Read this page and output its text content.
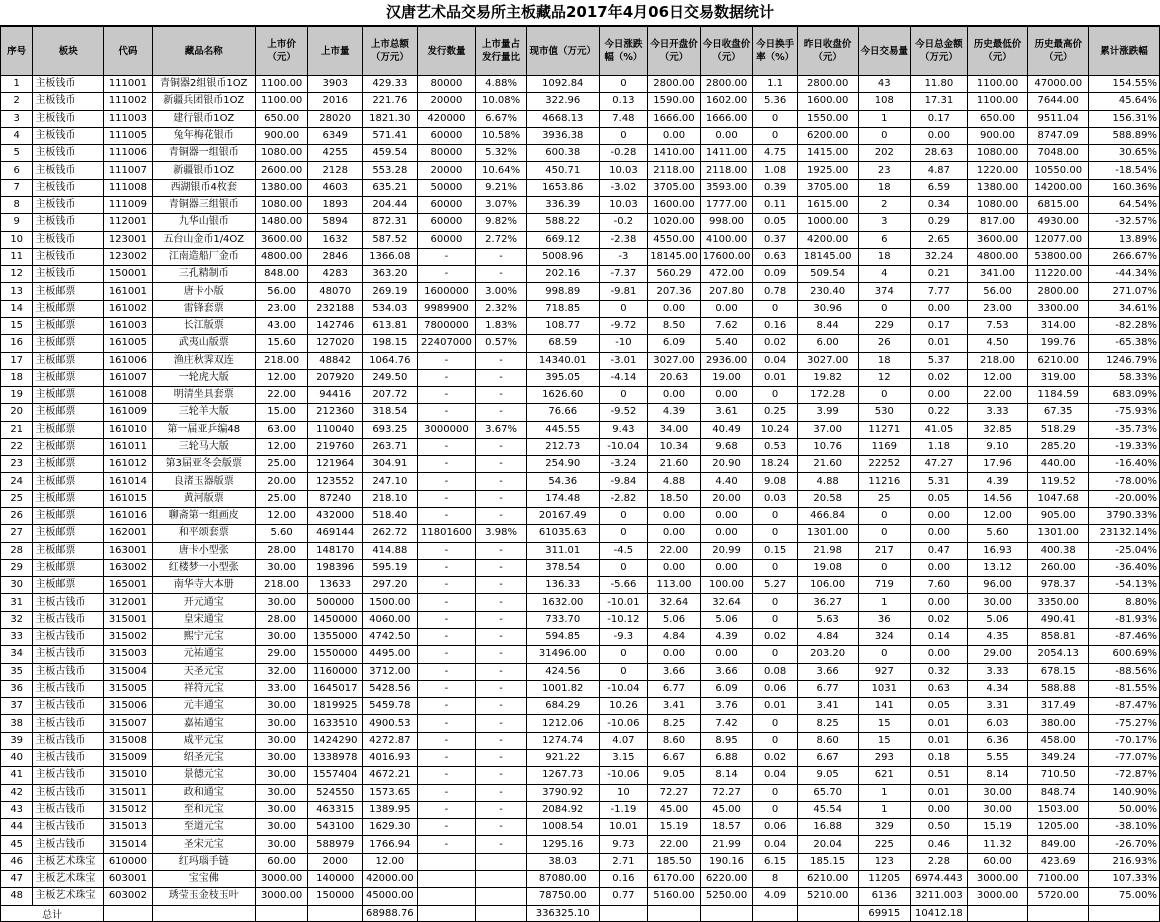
汉唐艺术品交易所主板藏品2017年4月06日交易数据统计
序号	板块	代码	藏品名称	上市价（元）	上市量	上市总额（万元）	发行数量	上市量占发行量比	现市值（万元）	今日涨跌幅（%）	今日开盘价（元）	今日收盘价（元）	今日换手率（%）	昨日收盘价（元）	今日交易量	今日总金额（万元）	历史最低价（元）	历史最高价（元）	累计涨跌幅
1	主板钱币	111001	青铜器2组银币1OZ	1100.00	3903	429.33	80000	4.88%	1092.84	0	2800.00	2800.00	1.1	2800.00	43	11.80	1100.00	47000.00	154.55%
2	主板钱币	111002	新疆兵团银币1OZ	1100.00	2016	221.76	20000	10.08%	322.96	0.13	1590.00	1602.00	5.36	1600.00	108	17.31	1100.00	7644.00	45.64%
3	主板钱币	111003	建行银币1OZ	650.00	28020	1821.30	420000	6.67%	4668.13	7.48	1666.00	1666.00	0	1550.00	1	0.17	650.00	9511.04	156.31%
4	主板钱币	111005	兔年梅花银币	900.00	6349	571.41	60000	10.58%	3936.38	0	0.00	0.00	0	6200.00	0	0.00	900.00	8747.09	588.89%
5	主板钱币	111006	青铜器一组银币	1080.00	4255	459.54	80000	5.32%	600.38	-0.28	1410.00	1411.00	4.75	1415.00	202	28.63	1080.00	7048.00	30.65%
6	主板钱币	111007	新疆银币1OZ	2600.00	2128	553.28	20000	10.64%	450.71	10.03	2118.00	2118.00	1.08	1925.00	23	4.87	1220.00	10550.00	-18.54%
7	主板钱币	111008	西湖银币4枚套	1380.00	4603	635.21	50000	9.21%	1653.86	-3.02	3705.00	3593.00	0.39	3705.00	18	6.59	1380.00	14200.00	160.36%
8	主板钱币	111009	青铜器三组银币	1080.00	1893	204.44	60000	3.07%	336.39	10.03	1600.00	1777.00	0.11	1615.00	2	0.34	1080.00	6815.00	64.54%
9	主板钱币	112001	九华山银币	1480.00	5894	872.31	60000	9.82%	588.22	-0.2	1020.00	998.00	0.05	1000.00	3	0.29	817.00	4930.00	-32.57%
10	主板钱币	123001	五台山金币1/4OZ	3600.00	1632	587.52	60000	2.72%	669.12	-2.38	4550.00	4100.00	0.37	4200.00	6	2.65	3600.00	12077.00	13.89%
11	主板钱币	123002	江南造船厂金币	4800.00	2846	1366.08	-	-	5008.96	-3	18145.00	17600.00	0.63	18145.00	18	32.24	4800.00	53800.00	266.67%
12	主板钱币	150001	三孔精制币	848.00	4283	363.20	-	-	202.16	-7.37	560.29	472.00	0.09	509.54	4	0.21	341.00	11220.00	-44.34%
13	主板邮票	161001	唐卡小版	56.00	48070	269.19	1600000	3.00%	998.89	-9.81	207.36	207.80	0.78	230.40	374	7.77	56.00	2800.00	271.07%
14	主板邮票	161002	雷锋套票	23.00	232188	534.03	9989900	2.32%	718.85	0	0.00	0.00	0	30.96	0	0.00	23.00	3300.00	34.61%
15	主板邮票	161003	长江版票	43.00	142746	613.81	7800000	1.83%	108.77	-9.72	8.50	7.62	0.16	8.44	229	0.17	7.53	314.00	-82.28%
16	主板邮票	161005	武夷山版票	15.60	127020	198.15	22407000	0.57%	68.59	-10	6.09	5.40	0.02	6.00	26	0.01	4.50	199.76	-65.38%
17	主板邮票	161006	渔庄秋霁双连	218.00	48842	1064.76	-	-	14340.01	-3.01	3027.00	2936.00	0.04	3027.00	18	5.37	218.00	6210.00	1246.79%
18	主板邮票	161007	一轮虎大版	12.00	207920	249.50	-	-	395.05	-4.14	20.63	19.00	0.01	19.82	12	0.02	12.00	319.00	58.33%
19	主板邮票	161008	明清坐具套票	22.00	94416	207.72	-	-	1626.60	0	0.00	0.00	0	172.28	0	0.00	22.00	1184.59	683.09%
20	主板邮票	161009	三轮羊大版	15.00	212360	318.54	-	-	76.66	-9.52	4.39	3.61	0.25	3.99	530	0.22	3.33	67.35	-75.93%
21	主板邮票	161010	第一届亚乒编48	63.00	110040	693.25	3000000	3.67%	445.55	9.43	34.00	40.49	10.24	37.00	11271	41.05	32.85	518.29	-35.73%
22	主板邮票	161011	三轮马大版	12.00	219760	263.71	-	-	212.73	-10.04	10.34	9.68	0.53	10.76	1169	1.18	9.10	285.20	-19.33%
23	主板邮票	161012	第3届亚冬会版票	25.00	121964	304.91	-	-	254.90	-3.24	21.60	20.90	18.24	21.60	22252	47.27	17.96	440.00	-16.40%
24	主板邮票	161014	良渚玉器版票	20.00	123552	247.10	-	-	54.36	-9.84	4.88	4.40	9.08	4.88	11216	5.31	4.39	119.52	-78.00%
25	主板邮票	161015	黄河版票	25.00	87240	218.10	-	-	174.48	-2.82	18.50	20.00	0.03	20.58	25	0.05	14.56	1047.68	-20.00%
26	主板邮票	161016	聊斋第一组画皮	12.00	432000	518.40	-	-	20167.49	0	0.00	0.00	0	466.84	0	0.00	12.00	905.00	3790.33%
27	主板邮票	162001	和平颂套票	5.60	469144	262.72	11801600	3.98%	61035.63	0	0.00	0.00	0	1301.00	0	0.00	5.60	1301.00	23132.14%
28	主板邮票	163001	唐卡小型张	28.00	148170	414.88	-	-	311.01	-4.5	22.00	20.99	0.15	21.98	217	0.47	16.93	400.38	-25.04%
29	主板邮票	163002	红楼梦一小型张	30.00	198396	595.19	-	-	378.54	0	0.00	0.00	0	19.08	0	0.00	13.12	260.00	-36.40%
30	主板邮票	165001	南华寺大本册	218.00	13633	297.20	-	-	136.33	-5.66	113.00	100.00	5.27	106.00	719	7.60	96.00	978.37	-54.13%
31	主板古钱币	312001	开元通宝	30.00	500000	1500.00	-	-	1632.00	-10.01	32.64	32.64	0	36.27	1	0.00	30.00	3350.00	8.80%
32	主板古钱币	315001	皇宋通宝	28.00	1450000	4060.00	-	-	733.70	-10.12	5.06	5.06	0	5.63	36	0.02	5.06	490.41	-81.93%
33	主板古钱币	315002	熙宁元宝	30.00	1355000	4742.50	-	-	594.85	-9.3	4.84	4.39	0.02	4.84	324	0.14	4.35	858.81	-87.46%
34	主板古钱币	315003	元祐通宝	29.00	1550000	4495.00	-	-	31496.00	0	0.00	0.00	0	203.20	0	0.00	29.00	2054.13	600.69%
35	主板古钱币	315004	天圣元宝	32.00	1160000	3712.00	-	-	424.56	0	3.66	3.66	0.08	3.66	927	0.32	3.33	678.15	-88.56%
36	主板古钱币	315005	祥符元宝	33.00	1645017	5428.56	-	-	1001.82	-10.04	6.77	6.09	0.06	6.77	1031	0.63	4.34	588.88	-81.55%
37	主板古钱币	315006	元丰通宝	30.00	1819925	5459.78	-	-	684.29	10.26	3.41	3.76	0.01	3.41	141	0.05	3.31	317.49	-87.47%
38	主板古钱币	315007	嘉祐通宝	30.00	1633510	4900.53	-	-	1212.06	-10.06	8.25	7.42	0	8.25	15	0.01	6.03	380.00	-75.27%
39	主板古钱币	315008	咸平元宝	30.00	1424290	4272.87	-	-	1274.74	4.07	8.60	8.95	0	8.60	15	0.01	6.36	458.00	-70.17%
40	主板古钱币	315009	绍圣元宝	30.00	1338978	4016.93	-	-	921.22	3.15	6.67	6.88	0.02	6.67	293	0.18	5.55	349.24	-77.07%
41	主板古钱币	315010	景德元宝	30.00	1557404	4672.21	-	-	1267.73	-10.06	9.05	8.14	0.04	9.05	621	0.51	8.14	710.50	-72.87%
42	主板古钱币	315011	政和通宝	30.00	524550	1573.65	-	-	3790.92	10	72.27	72.27	0	65.70	1	0.01	30.00	848.74	140.90%
43	主板古钱币	315012	至和元宝	30.00	463315	1389.95	-	-	2084.92	-1.19	45.00	45.00	0	45.54	1	0.00	30.00	1503.00	50.00%
44	主板古钱币	315013	至道元宝	30.00	543100	1629.30	-	-	1008.54	10.01	15.19	18.57	0.06	16.88	329	0.50	15.19	1205.00	-38.10%
45	主板古钱币	315014	圣宋元宝	30.00	588979	1766.94	-	-	1295.16	9.73	22.00	21.99	0.04	20.04	225	0.46	11.32	849.00	-26.70%
46	主板艺术珠宝	610000	红玛瑙手链	60.00	2000	12.00			38.03	2.71	185.50	190.16	6.15	185.15	123	2.28	60.00	423.69	216.93%
47	主板艺术珠宝	603001	宝宝佛	3000.00	140000	42000.00			87080.00	0.16	6170.00	6220.00	8	6210.00	11205	6974.443	3000.00	7100.00	107.33%
48	主板艺术珠宝	603002	琇莹玉金枝玉叶	3000.00	150000	45000.00			78750.00	0.77	5160.00	5250.00	4.09	5210.00	6136	3211.003	3000.00	5720.00	75.00%
总计						68988.76			336325.10						69915	10412.18			
